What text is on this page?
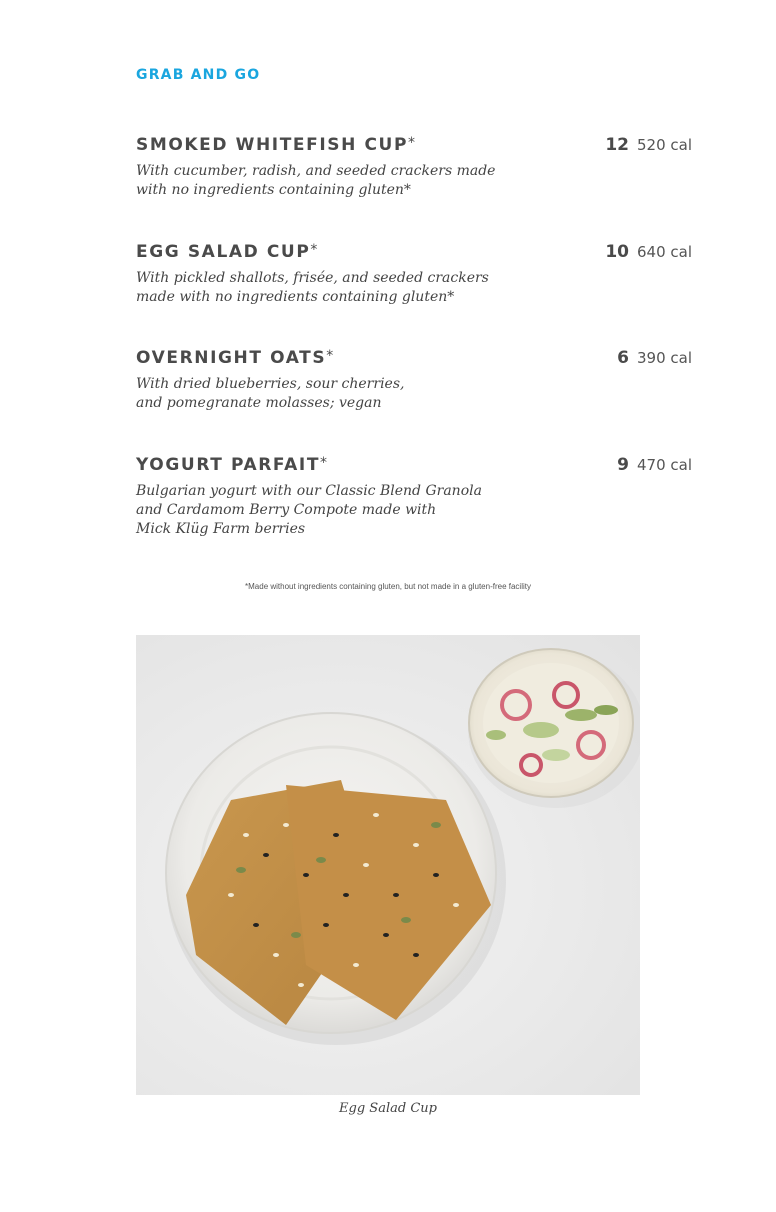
GRAB AND GO
SMOKED WHITEFISH CUP*	12 520 cal
With cucumber, radish, and seeded crackers made
with no ingredients containing gluten*
EGG SALAD CUP*	10 640 cal
With pickled shallots, frisée, and seeded crackers
made with no ingredients containing gluten*
OVERNIGHT OATS*	6 390 cal
With dried blueberries, sour cherries,
and pomegranate molasses; vegan
YOGURT PARFAIT*	9 470 cal
Bulgarian yogurt with our Classic Blend Granola
and Cardamom Berry Compote made with
Mick Klüg Farm berries
*Made without ingredients containing gluten, but not made in a gluten-free facility
Egg Salad Cup
